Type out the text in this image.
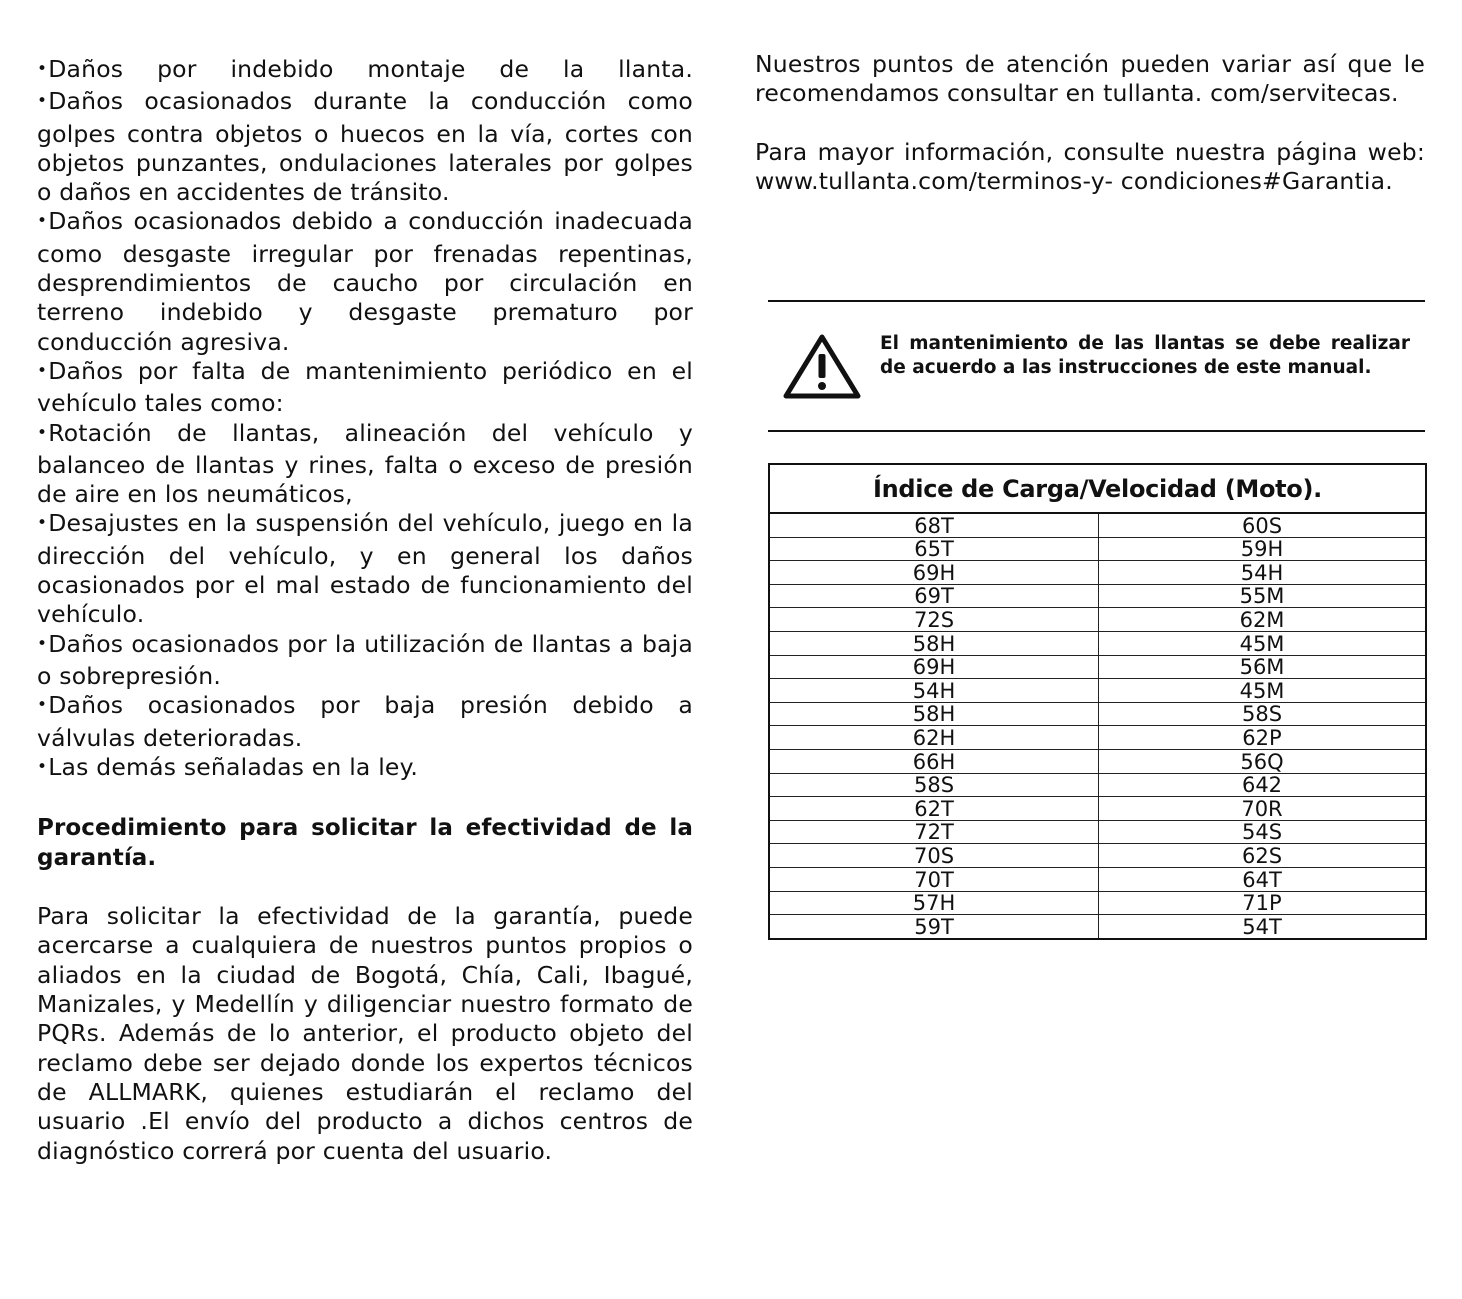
• Daños por indebido montaje de la llanta.

• Daños ocasionados durante la conducción como golpes contra objetos o huecos en la vía, cortes con objetos punzantes, ondulaciones laterales por golpes o daños en accidentes de tránsito.

• Daños ocasionados debido a conducción inadecuada como desgaste irregular por frenadas repentinas, desprendimientos de caucho por circulación en terreno indebido y desgaste prematuro por conducción agresiva.

• Daños por falta de mantenimiento periódico en el vehículo tales como:

• Rotación de llantas, alineación del vehículo y balanceo de llantas y rines, falta o exceso de presión de aire en los neumáticos,

• Desajustes en la suspensión del vehículo, juego en la dirección del vehículo, y en general los daños ocasionados por el mal estado de funcionamiento del vehículo.

• Daños ocasionados por la utilización de llantas a baja o sobrepresión.

• Daños ocasionados por baja presión debido a válvulas deterioradas.

• Las demás señaladas en la ley.

Procedimiento para solicitar la efectividad de la garantía.

Para solicitar la efectividad de la garantía, puede acercarse a cualquiera de nuestros puntos propios o aliados en la ciudad de Bogotá, Chía, Cali, Ibagué, Manizales, y Medellín y diligenciar nuestro formato de PQRs. Además de lo anterior, el producto objeto del reclamo debe ser dejado donde los expertos técnicos de ALLMARK, quienes estudiarán el reclamo del usuario .El envío del producto a dichos centros de diagnóstico correrá por cuenta del usuario.

Nuestros puntos de atención pueden variar así que le recomendamos consultar en tullanta. com/servitecas.

Para mayor información, consulte nuestra página web: www.tullanta.com/terminos-y- condiciones#Garantia.

El mantenimiento de las llantas se debe realizar de acuerdo a las instrucciones de este manual.

Índice de Carga/Velocidad (Moto).	
68T	60S
65T	59H
69H	54H
69T	55M
72S	62M
58H	45M
69H	56M
54H	45M
58H	58S
62H	62P
66H	56Q
58S	642
62T	70R
72T	54S
70S	62S
70T	64T
57H	71P
59T	54T
